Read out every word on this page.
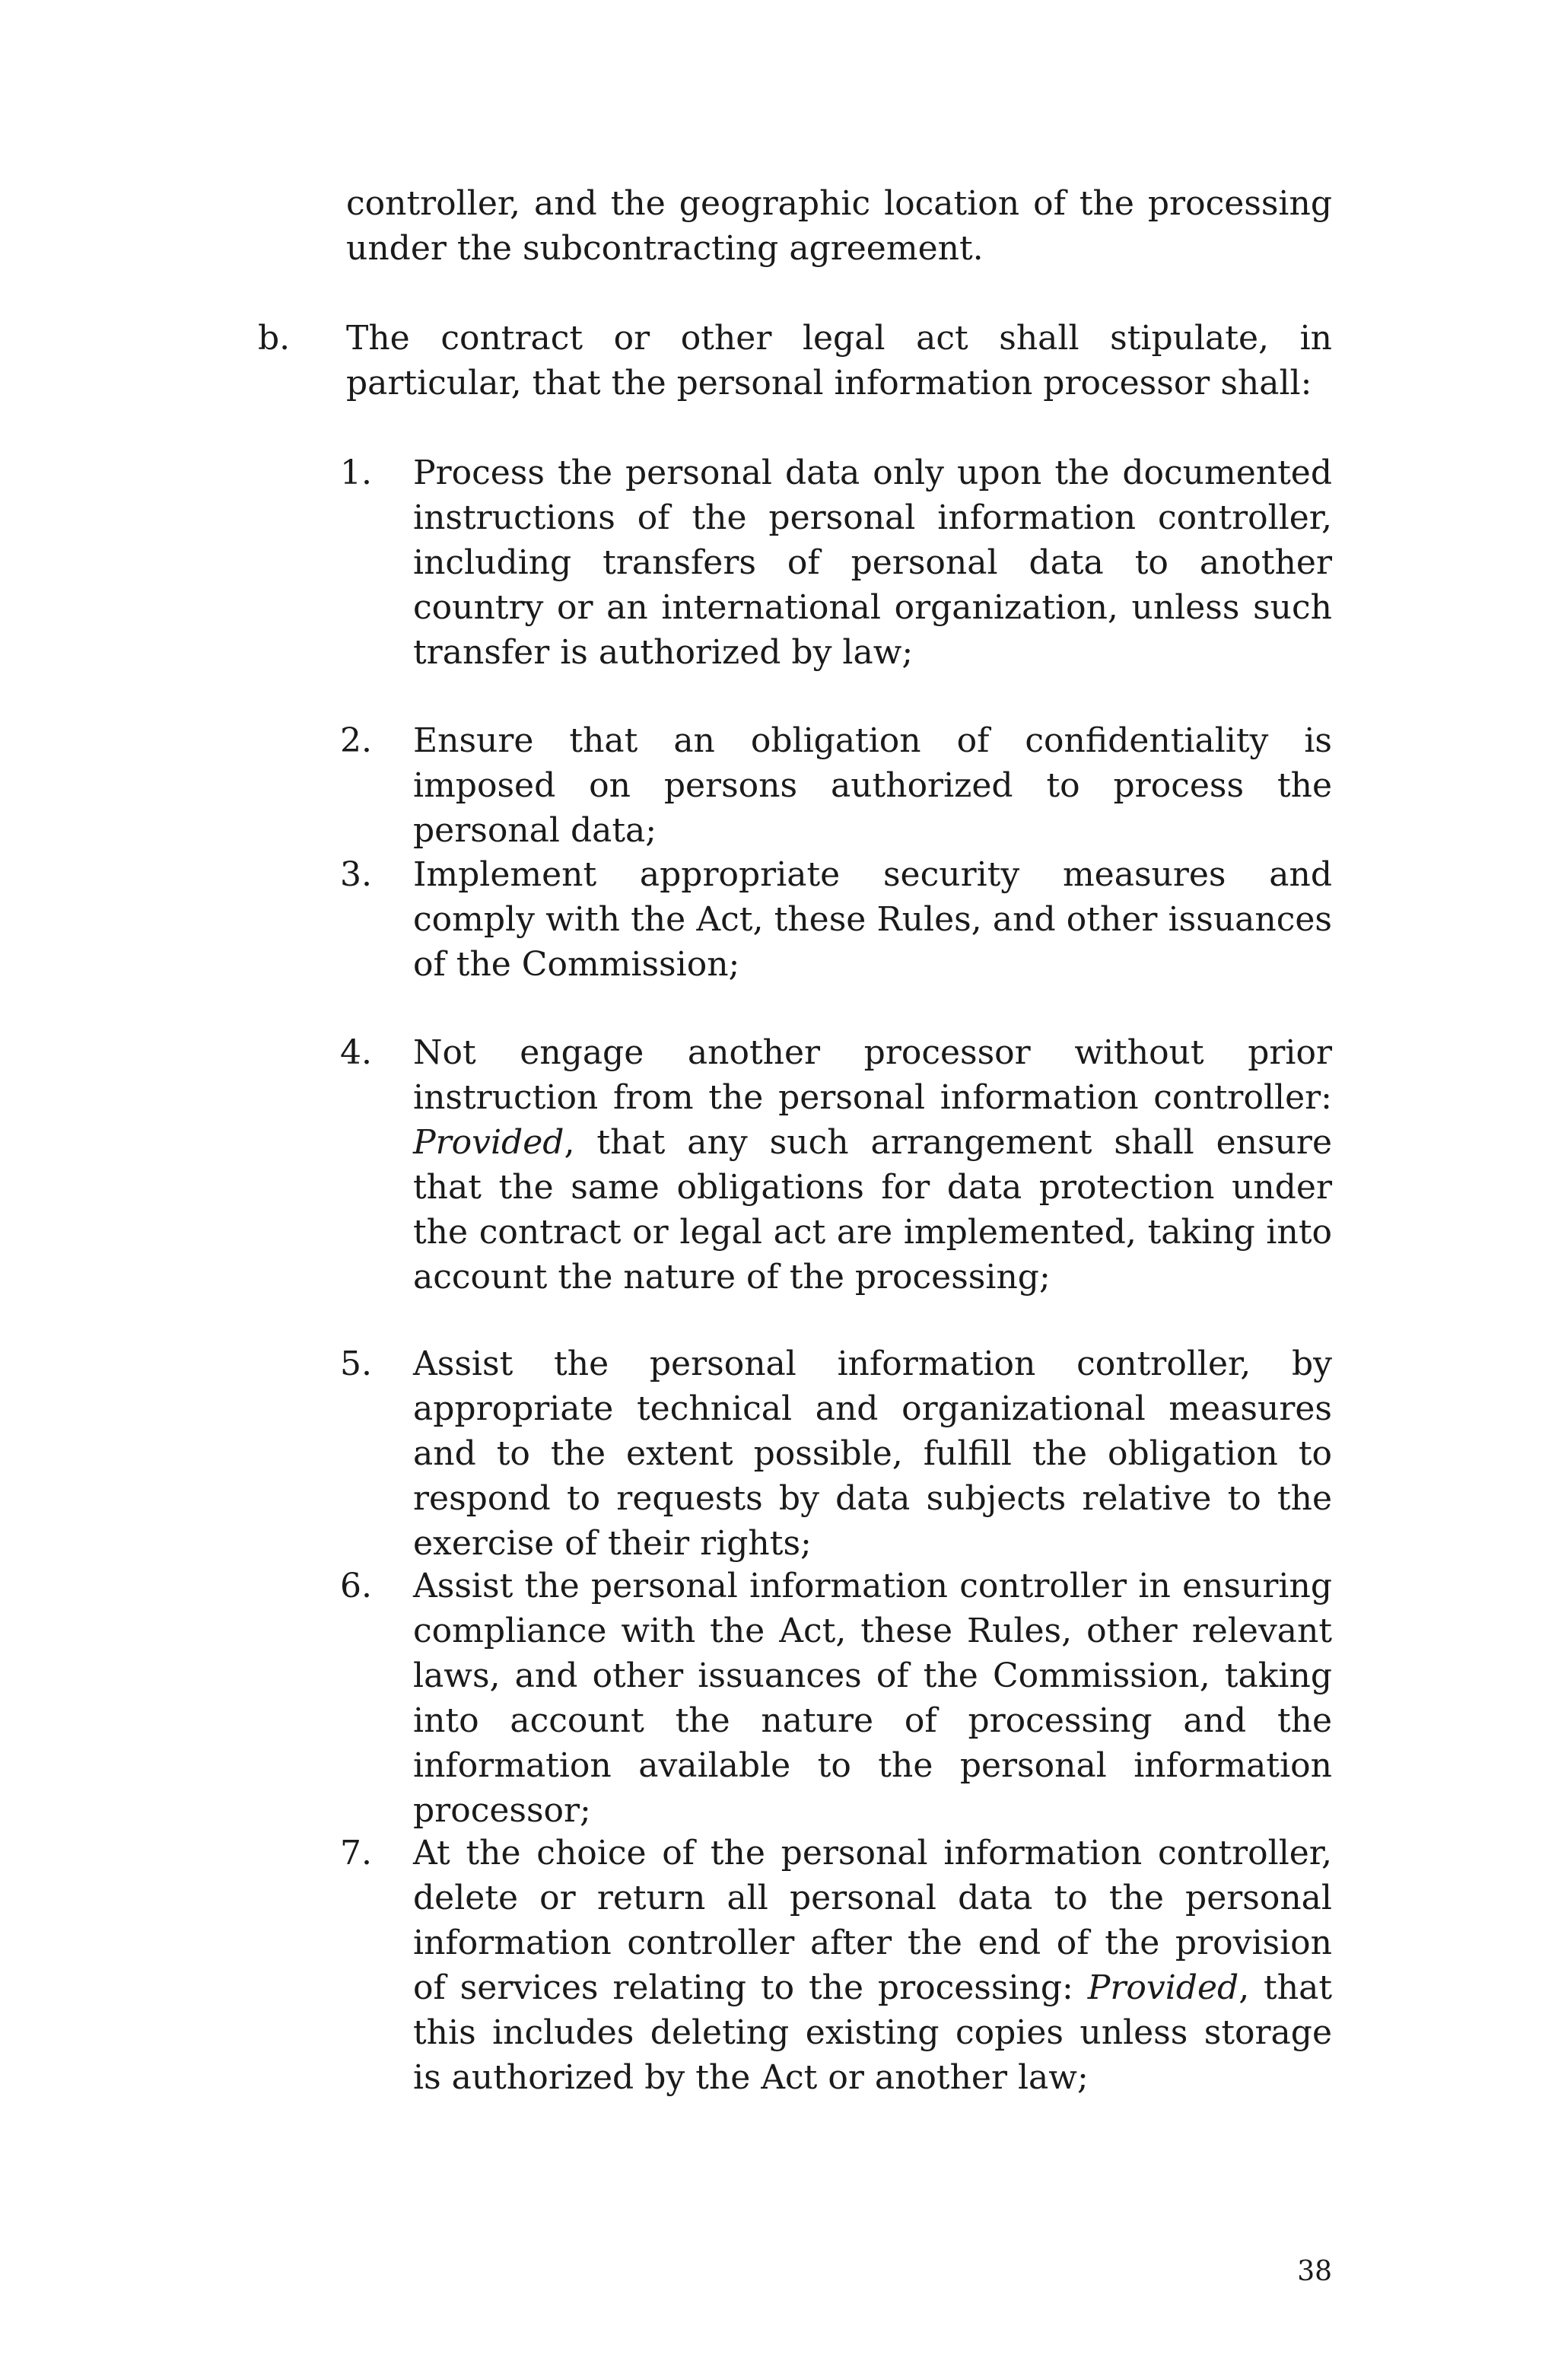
controller, and the geographic location of the processing under the subcontracting agreement.

b.	The contract or other legal act shall stipulate, in particular, that the personal information processor shall:
1.	Process the personal data only upon the documented instructions of the personal information controller, including transfers of personal data to another country or an international organization, unless such transfer is authorized by law;
2.	Ensure that an obligation of confidentiality is imposed on persons authorized to process the personal data;
3.	Implement appropriate security measures and comply with the Act, these Rules, and other issuances of the Commission;
4.	Not engage another processor without prior instruction from the personal information controller: Provided, that any such arrangement shall ensure that the same obligations for data protection under the contract or legal act are implemented, taking into account the nature of the processing;
5.	Assist the personal information controller, by appropriate technical and organizational measures and to the extent possible, fulfill the obligation to respond to requests by data subjects relative to the exercise of their rights;
6.	Assist the personal information controller in ensuring compliance with the Act, these Rules, other relevant laws, and other issuances of the Commission, taking into account the nature of processing and the information available to the personal information processor;
7.	At the choice of the personal information controller, delete or return all personal data to the personal information controller after the end of the provision of services relating to the processing: Provided, that this includes deleting existing copies unless storage is authorized by the Act or another law;
38
